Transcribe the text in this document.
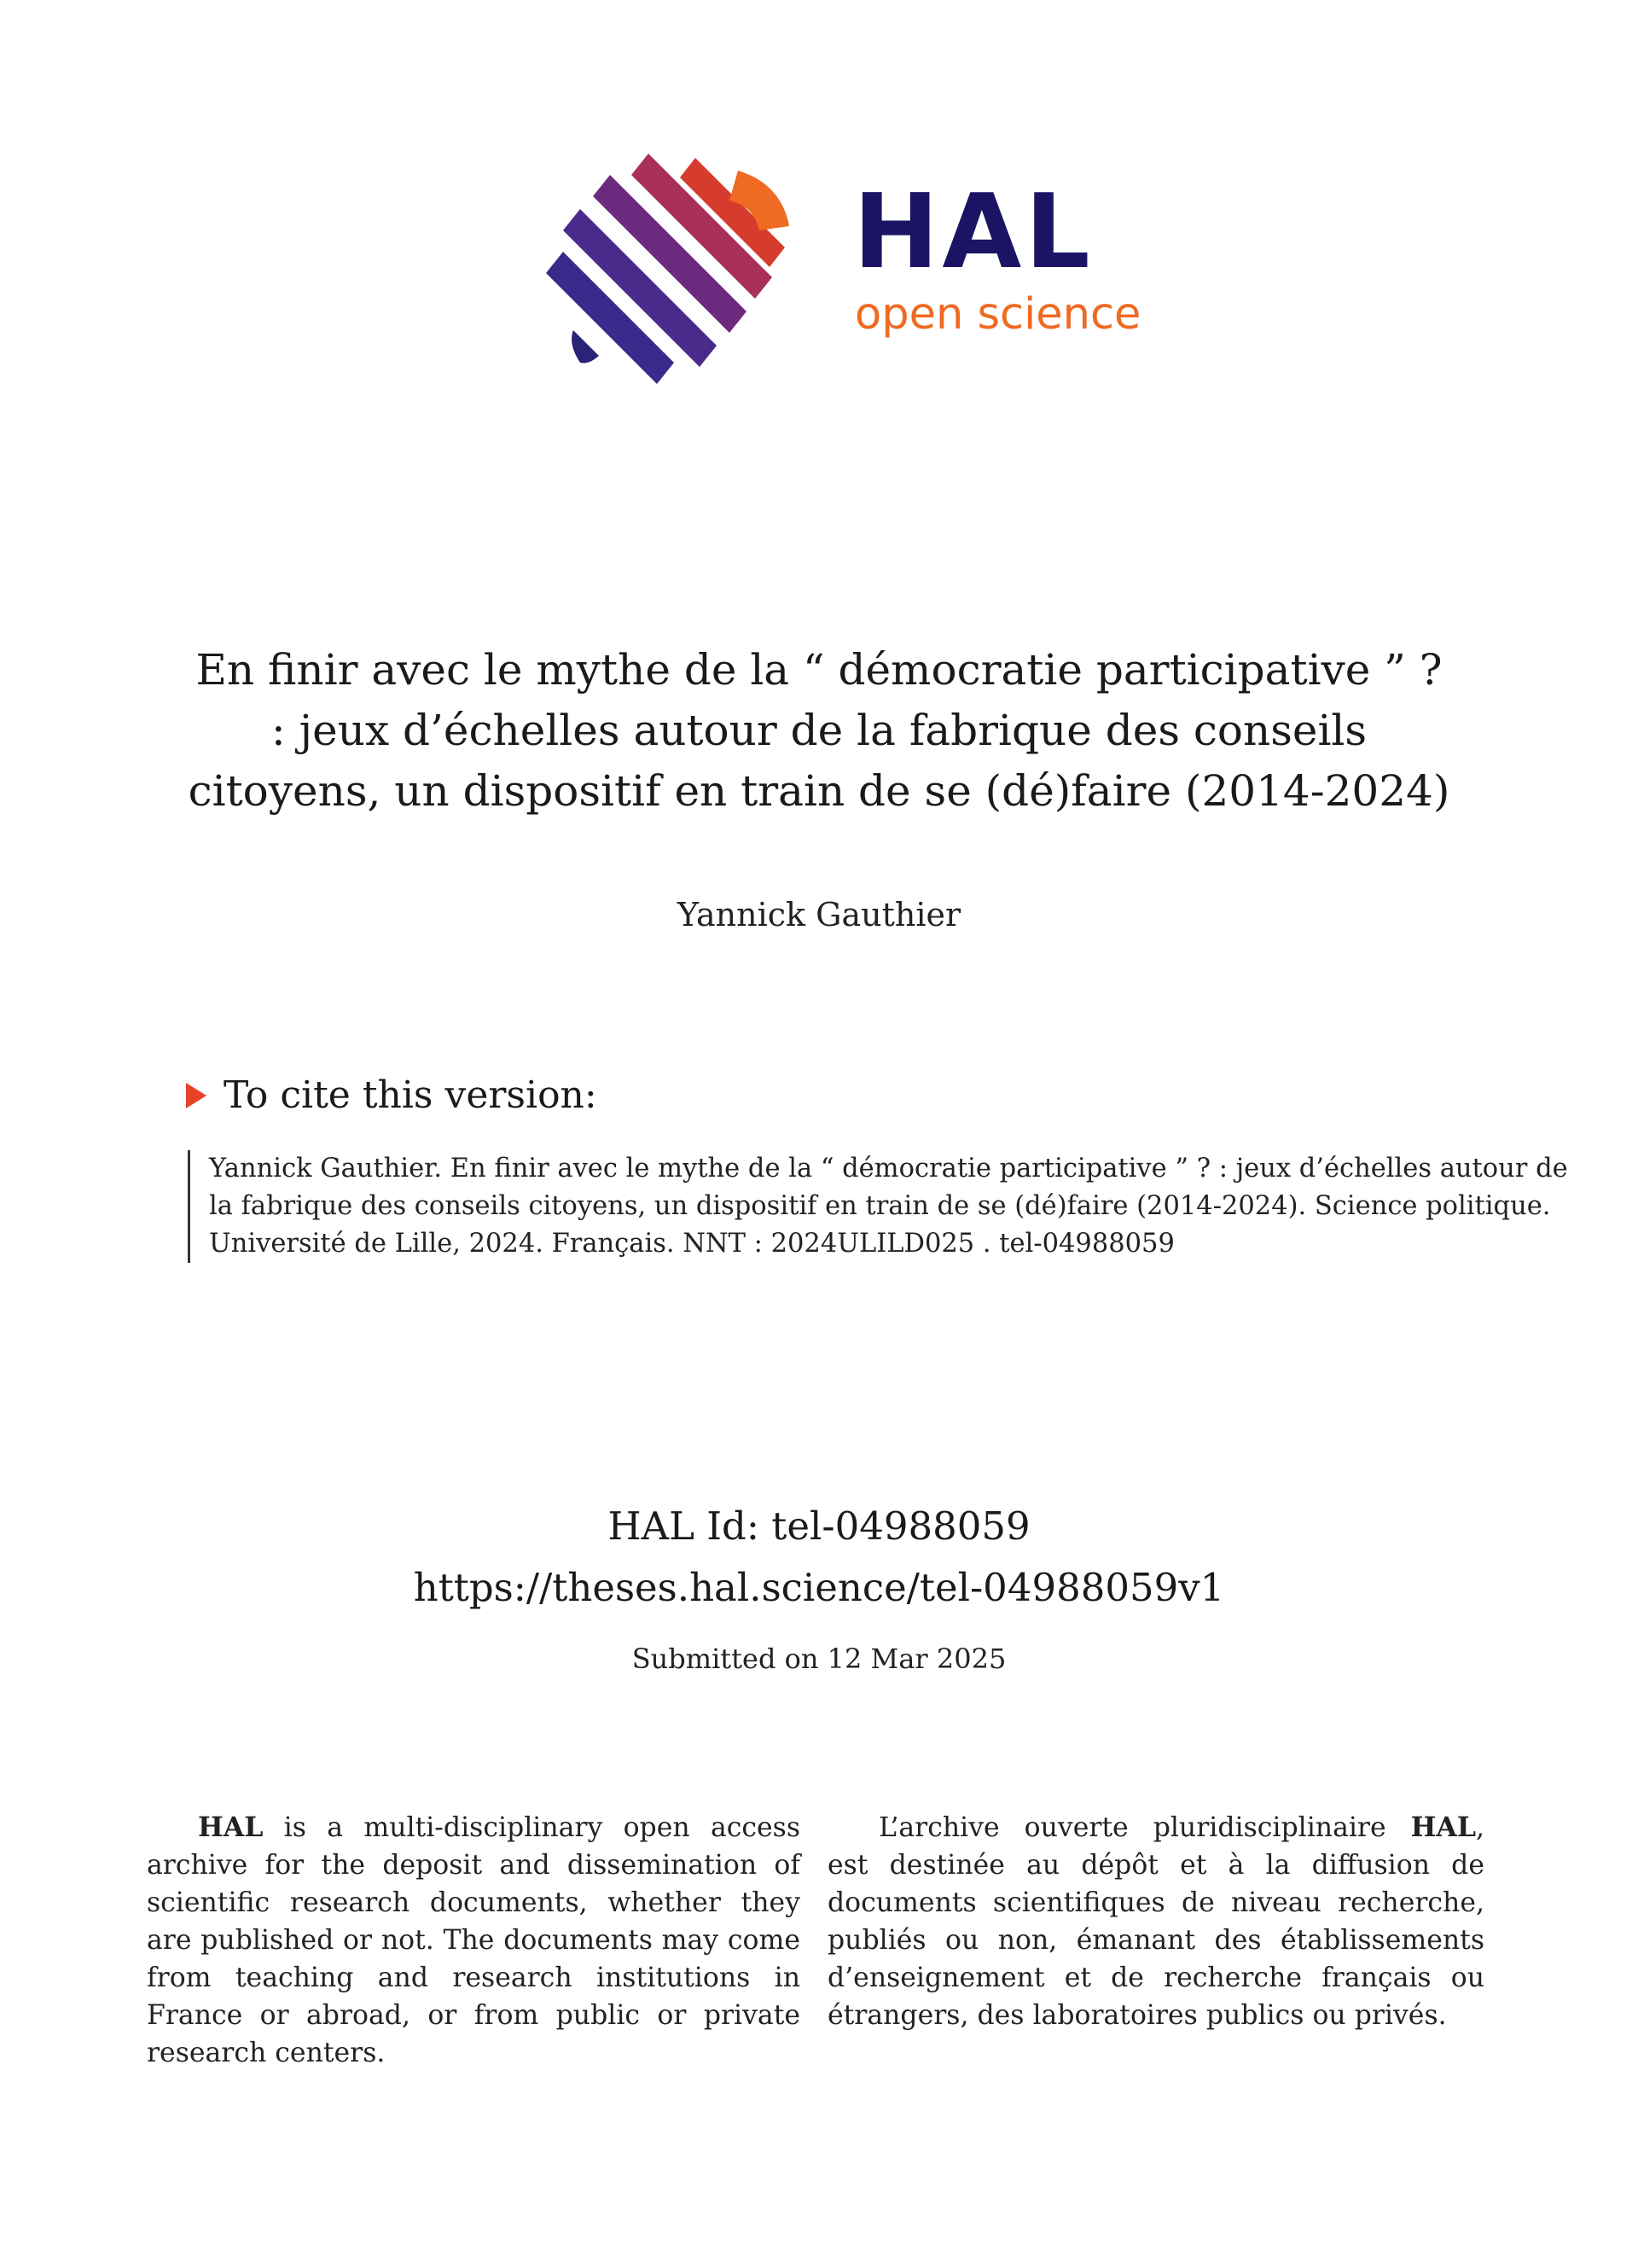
HAL
open science
En finir avec le mythe de la “ démocratie participative ” ? : jeux d’échelles autour de la fabrique des conseils citoyens, un dispositif en train de se (dé)faire (2014-2024)
Yannick Gauthier
To cite this version:
Yannick Gauthier. En finir avec le mythe de la “ démocratie participative ” ? : jeux d’échelles autour de la fabrique des conseils citoyens, un dispositif en train de se (dé)faire (2014-2024). Science politique. Université de Lille, 2024. Français. NNT : 2024ULILD025 . tel-04988059
HAL Id: tel-04988059
https://theses.hal.science/tel-04988059v1
Submitted on 12 Mar 2025
HAL is a multi-disciplinary open access archive for the deposit and dissemination of scientific research documents, whether they are published or not. The documents may come from teaching and research institutions in France or abroad, or from public or private research centers.
L’archive ouverte pluridisciplinaire HAL, est destinée au dépôt et à la diffusion de documents scientifiques de niveau recherche, publiés ou non, émanant des établissements d’enseignement et de recherche français ou étrangers, des laboratoires publics ou privés.
